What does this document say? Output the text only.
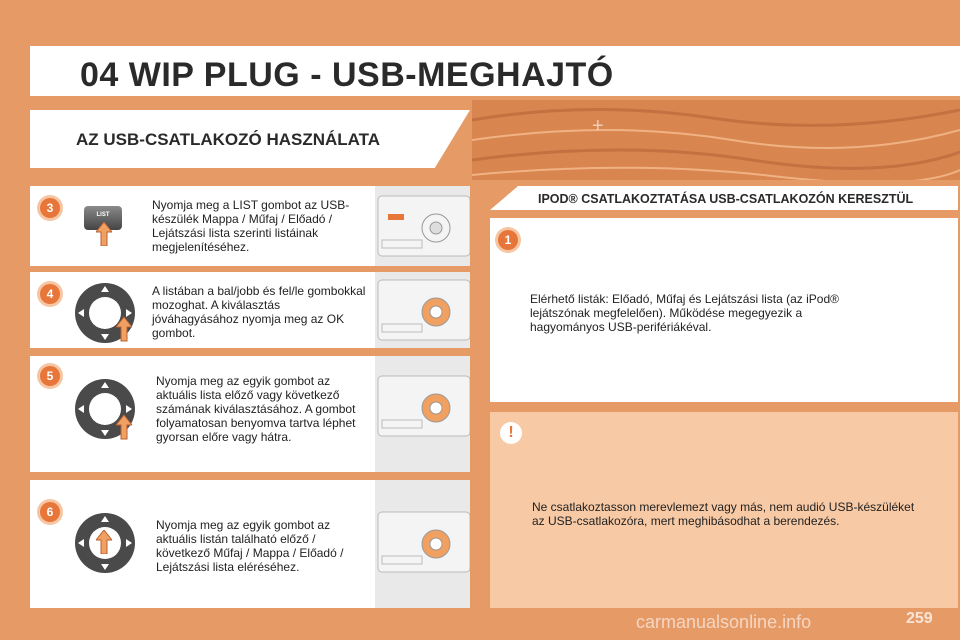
04 WIP PLUG - USB-MEGHAJTÓ
+
AZ USB-CSATLAKOZÓ HASZNÁLATA
3
4
5
6
LIST
Nyomja meg a LIST gombot az USB-készülék Mappa / Műfaj / Előadó / Lejátszási lista szerinti listáinak megjelenítéséhez.
A listában a bal/jobb és fel/le gombokkal mozoghat. A kiválasztás jóváhagyásához nyomja meg az OK gombot.
Nyomja meg az egyik gombot az aktuális lista előző vagy következő számának kiválasztásához. A gombot folyamatosan benyomva tartva léphet gyorsan előre vagy hátra.
Nyomja meg az egyik gombot az aktuális listán található előző / következő Műfaj / Mappa / Előadó / Lejátszási lista eléréséhez.
IPOD® CSATLAKOZTATÁSA USB-CSATLAKOZÓN KERESZTÜL
1
Elérhető listák: Előadó, Műfaj és Lejátszási lista (az iPod® lejátszónak megfelelően). Működése megegyezik a hagyományos USB-perifériákéval.
!
Ne csatlakoztasson merevlemezt vagy más, nem audió USB-készüléket az USB-csatlakozóra, mert meghibásodhat a berendezés.
carmanualsonline.info	259
